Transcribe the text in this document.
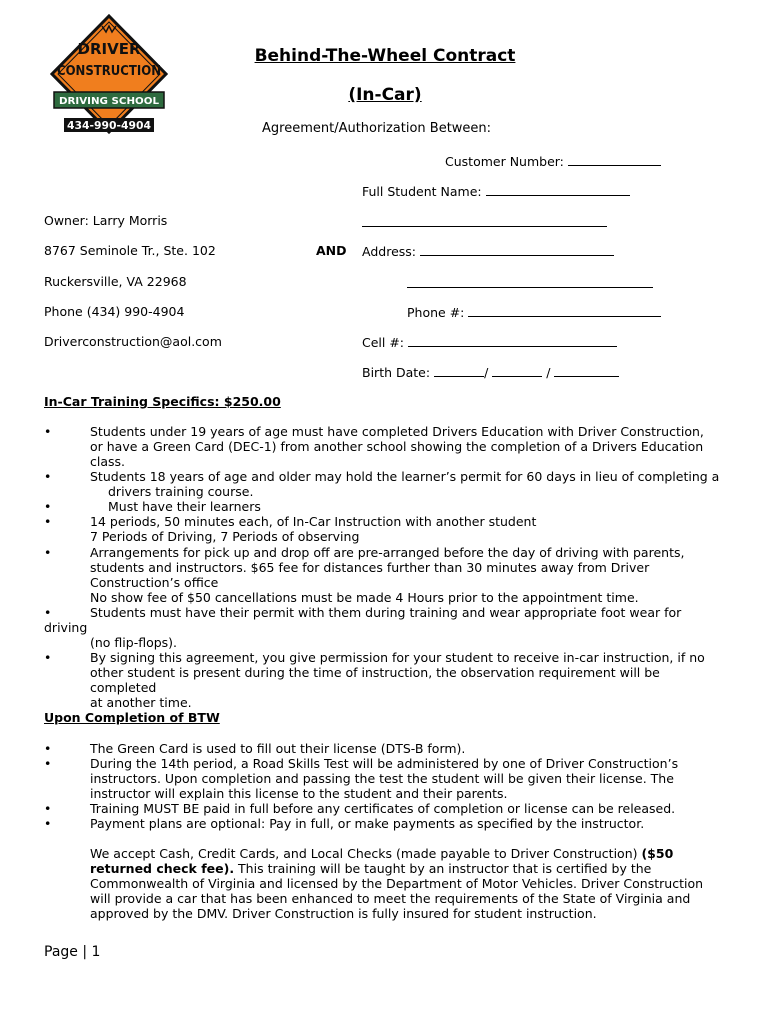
DRIVER
CONSTRUCTION
DRIVING SCHOOL
434-990-4904
Behind-The-Wheel Contract
(In-Car)
Agreement/Authorization Between:
Customer Number:
Full Student Name:
Owner: Larry Morris
8767 Seminole Tr., Ste. 102	AND Address:
Ruckersville, VA 22968
Phone (434) 990-4904	Phone #:
Driverconstruction@aol.com	Cell #:
Birth Date:	/	/
In-Car Training Specifics: $250.00
•	Students under 19 years of age must have completed Drivers Education with Driver Construction,
or have a Green Card (DEC-1) from another school showing the completion of a Drivers Education
class.
•	Students 18 years of age and older may hold the learner’s permit for 60 days in lieu of completing a
drivers training course.
•	Must have their learners
•	14 periods, 50 minutes each, of In-Car Instruction with another student
7 Periods of Driving, 7 Periods of observing
•	Arrangements for pick up and drop off are pre-arranged before the day of driving with parents,
students and instructors. $65 fee for distances further than 30 minutes away from Driver
Construction’s office
No show fee of $50 cancellations must be made 4 Hours prior to the appointment time.
•	Students must have their permit with them during training and wear appropriate foot wear for
driving
(no flip-flops).
•	By signing this agreement, you give permission for your student to receive in-car instruction, if no
other student is present during the time of instruction, the observation requirement will be
completed
at another time.
Upon Completion of BTW
•	The Green Card is used to fill out their license (DTS-B form).
•	During the 14th period, a Road Skills Test will be administered by one of Driver Construction’s
instructors. Upon completion and passing the test the student will be given their license. The
instructor will explain this license to the student and their parents.
•	Training MUST BE paid in full before any certificates of completion or license can be released.
•	Payment plans are optional: Pay in full, or make payments as specified by the instructor.
We accept Cash, Credit Cards, and Local Checks (made payable to Driver Construction) ($50
returned check fee). This training will be taught by an instructor that is certified by the
Commonwealth of Virginia and licensed by the Department of Motor Vehicles. Driver Construction
will provide a car that has been enhanced to meet the requirements of the State of Virginia and
approved by the DMV. Driver Construction is fully insured for student instruction.
Page | 1
